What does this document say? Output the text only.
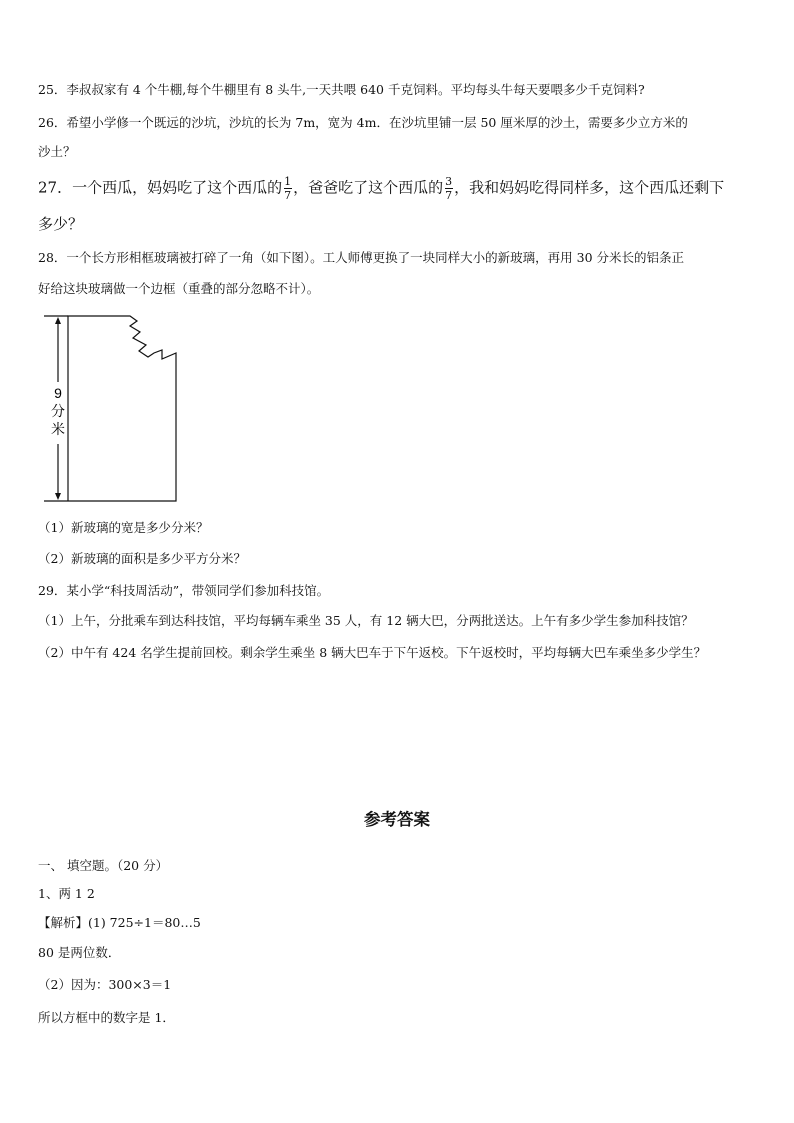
25．李叔叔家有 4 个牛棚,每个牛棚里有 8 头牛,一天共喂 640 千克饲料。平均每头牛每天要喂多少千克饲料?
26．希望小学修一个既远的沙坑，沙坑的长为 7m，宽为 4m．在沙坑里铺一层 50 厘米厚的沙土，需要多少立方米的
沙土？
27．一个西瓜，妈妈吃了这个西瓜的 $\frac{1}{7}$ ，爸爸吃了这个西瓜的 $\frac{3}{7}$ ，我和妈妈吃得同样多，这个西瓜还剩下
多少？
28．一个长方形相框玻璃被打碎了一角（如下图）。工人师傅更换了一块同样大小的新玻璃，再用 30 分米长的铝条正
好给这块玻璃做一个边框（重叠的部分忽略不计）。
9
分
米
（1）新玻璃的宽是多少分米？
（2）新玻璃的面积是多少平方分米？
29．某小学“科技周活动”，带领同学们参加科技馆。
（1）上午，分批乘车到达科技馆，平均每辆车乘坐 35 人，有 12 辆大巴，分两批送达。上午有多少学生参加科技馆？
（2）中午有 424 名学生提前回校。剩余学生乘坐 8 辆大巴车于下午返校。下午返校时，平均每辆大巴车乘坐多少学生？
参考答案
一、 填空题。（20 分）
1、两 1 2
【解析】(1) 725÷1＝80…5
80 是两位数．
（2）因为：300×3＝1
所以方框中的数字是 1．
